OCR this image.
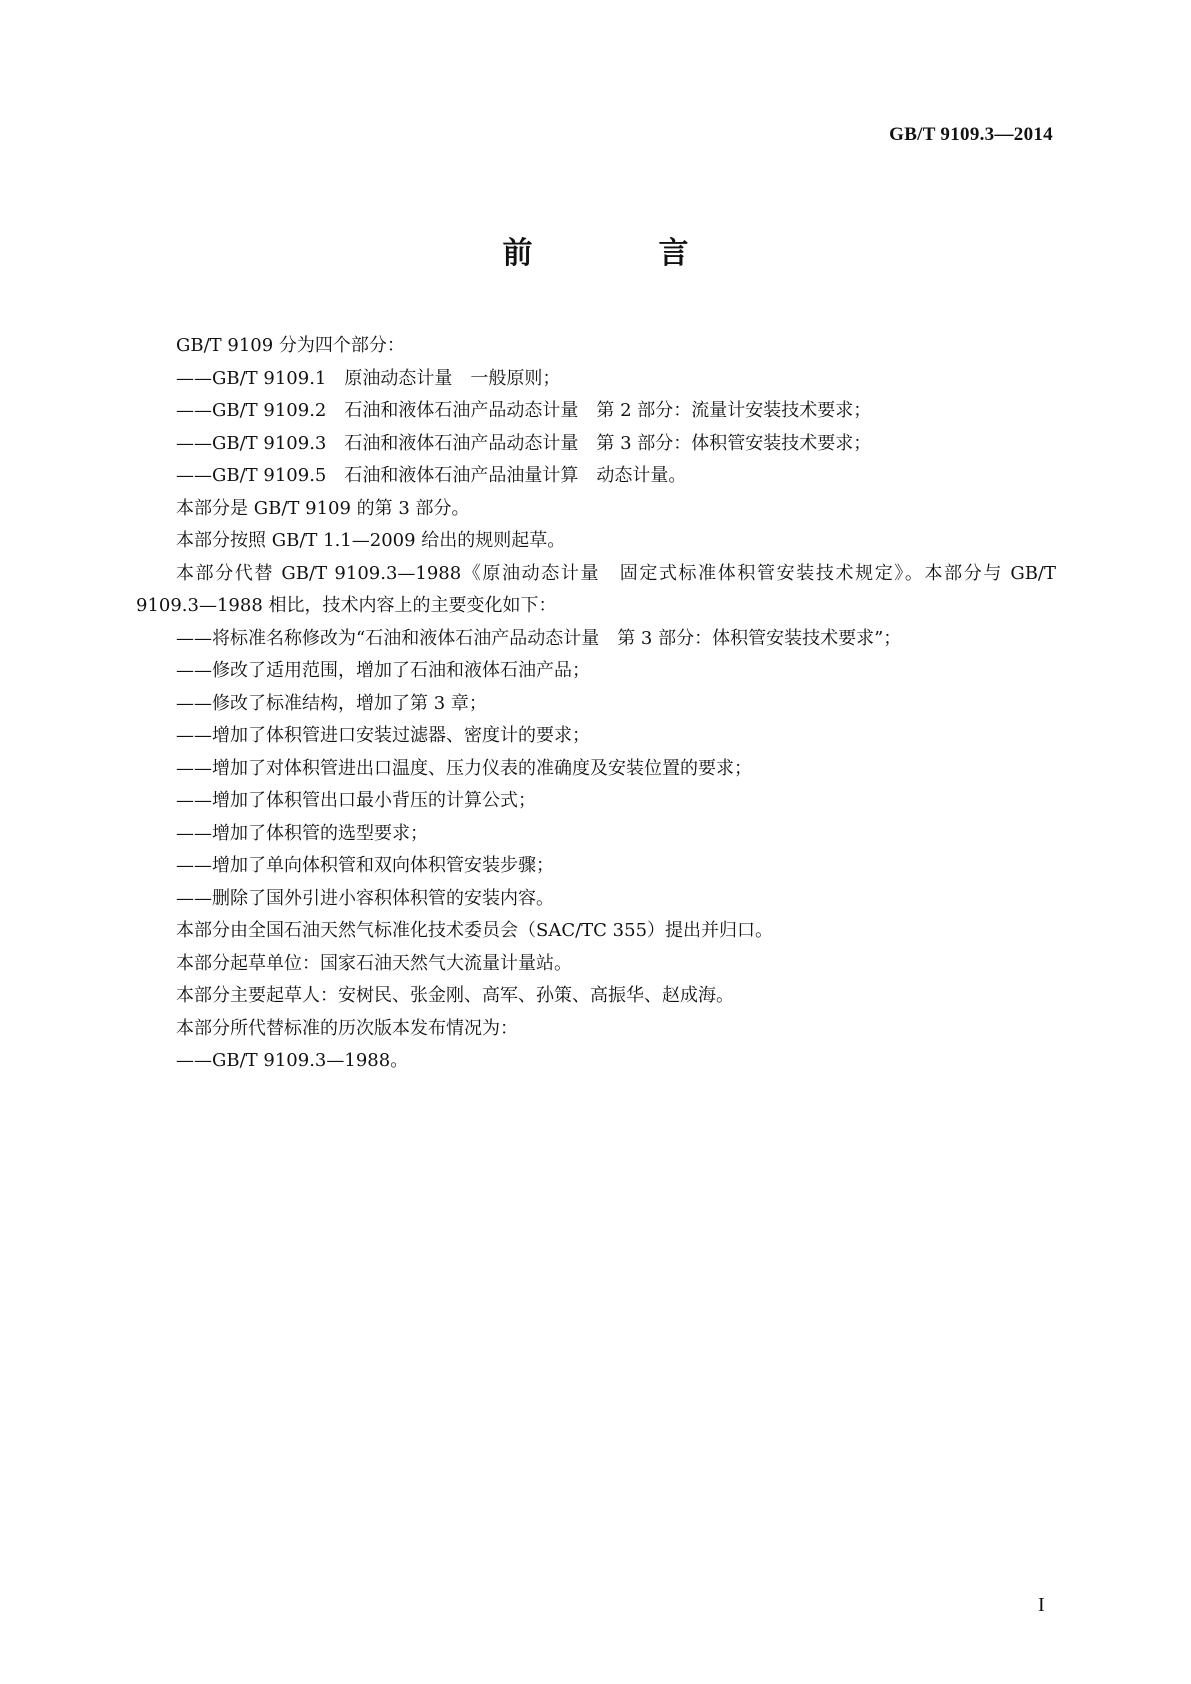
GB/T 9109.3—2014
前　言

GB/T 9109 分为四个部分：

——GB/T 9109.1　原油动态计量　一般原则；

——GB/T 9109.2　石油和液体石油产品动态计量　第 2 部分：流量计安装技术要求；

——GB/T 9109.3　石油和液体石油产品动态计量　第 3 部分：体积管安装技术要求；

——GB/T 9109.5　石油和液体石油产品油量计算　动态计量。

本部分是 GB/T 9109 的第 3 部分。

本部分按照 GB/T 1.1—2009 给出的规则起草。

本部分代替 GB/T 9109.3—1988《原油动态计量　固定式标准体积管安装技术规定》。本部分与 GB/T 9109.3—1988 相比，技术内容上的主要变化如下：

——将标准名称修改为“石油和液体石油产品动态计量　第 3 部分：体积管安装技术要求”；

——修改了适用范围，增加了石油和液体石油产品；

——修改了标准结构，增加了第 3 章；

——增加了体积管进口安装过滤器、密度计的要求；

——增加了对体积管进出口温度、压力仪表的准确度及安装位置的要求；

——增加了体积管出口最小背压的计算公式；

——增加了体积管的选型要求；

——增加了单向体积管和双向体积管安装步骤；

——删除了国外引进小容积体积管的安装内容。

本部分由全国石油天然气标准化技术委员会（SAC/TC 355）提出并归口。

本部分起草单位：国家石油天然气大流量计量站。

本部分主要起草人：安树民、张金刚、高军、孙策、高振华、赵成海。

本部分所代替标准的历次版本发布情况为：

——GB/T 9109.3—1988。

I
